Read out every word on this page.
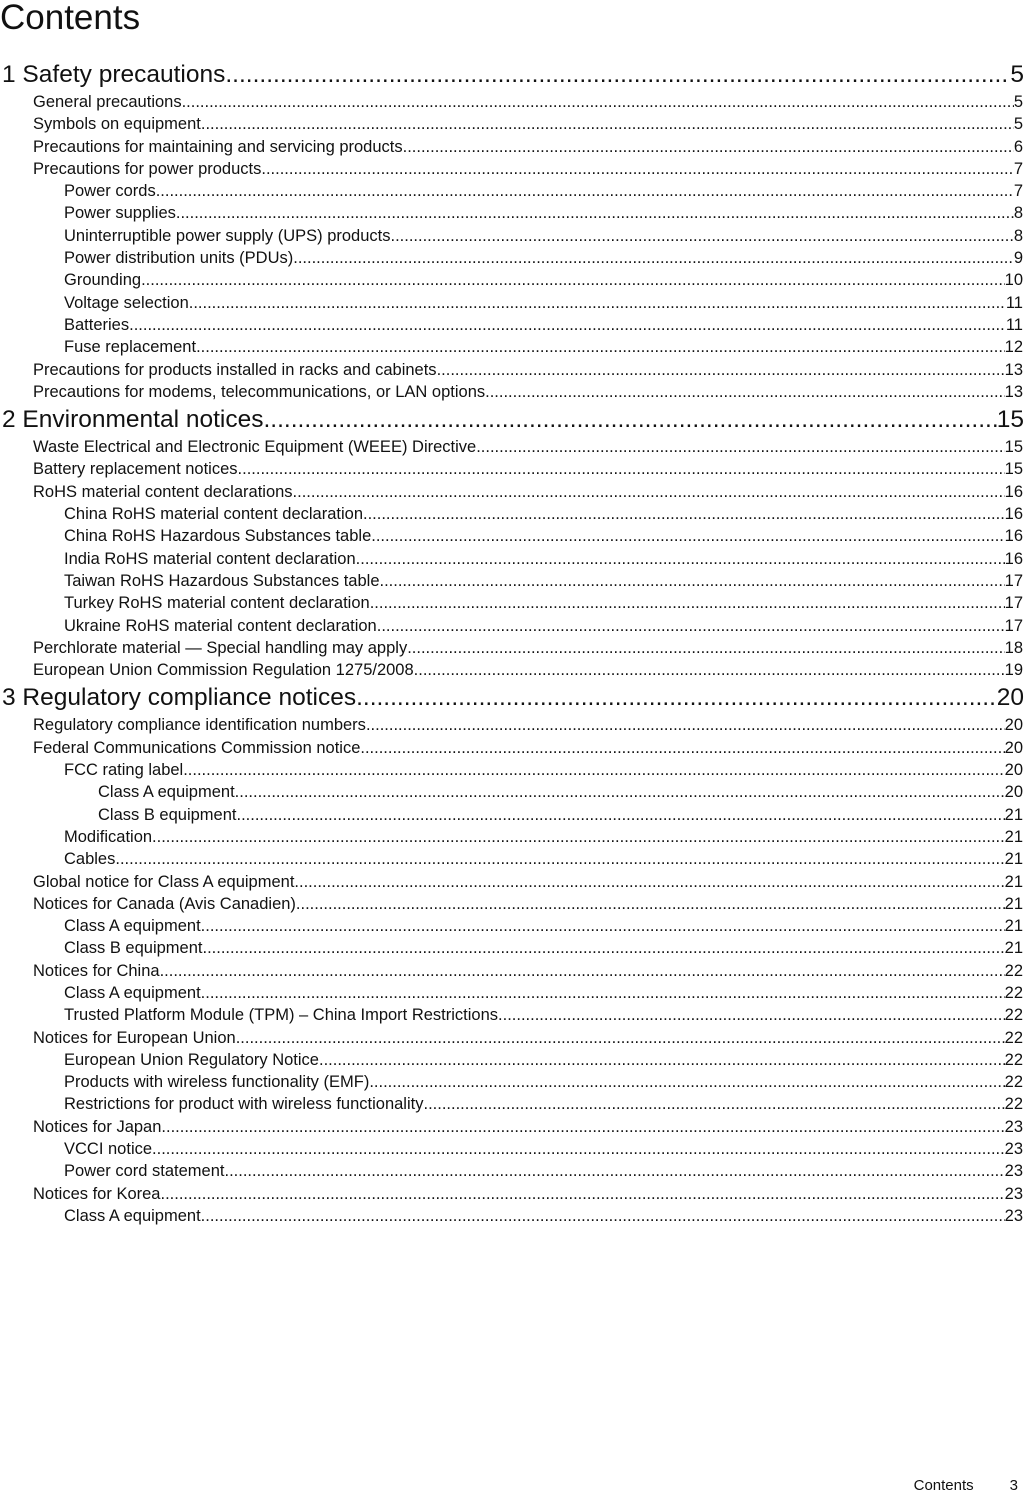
Contents
1 Safety precautions .....	5
General precautions .....	5
Symbols on equipment .....	5
Precautions for maintaining and servicing products .....	6
Precautions for power products .....	7
Power cords .....	7
Power supplies .....	8
Uninterruptible power supply (UPS) products .....	8
Power distribution units (PDUs) .....	9
Grounding .....	10
Voltage selection .....	11
Batteries .....	11
Fuse replacement .....	12
Precautions for products installed in racks and cabinets .....	13
Precautions for modems, telecommunications, or LAN options .....	13
2 Environmental notices .....	15
Waste Electrical and Electronic Equipment (WEEE) Directive .....	15
Battery replacement notices .....	15
RoHS material content declarations .....	16
China RoHS material content declaration .....	16
China RoHS Hazardous Substances table .....	16
India RoHS material content declaration .....	16
Taiwan RoHS Hazardous Substances table .....	17
Turkey RoHS material content declaration .....	17
Ukraine RoHS material content declaration .....	17
Perchlorate material — Special handling may apply .....	18
European Union Commission Regulation 1275/2008 .....	19
3 Regulatory compliance notices .....	20
Regulatory compliance identification numbers .....	20
Federal Communications Commission notice .....	20
FCC rating label .....	20
Class A equipment .....	20
Class B equipment .....	21
Modification .....	21
Cables .....	21
Global notice for Class A equipment .....	21
Notices for Canada (Avis Canadien) .....	21
Class A equipment .....	21
Class B equipment .....	21
Notices for China .....	22
Class A equipment .....	22
Trusted Platform Module (TPM) – China Import Restrictions .....	22
Notices for European Union .....	22
European Union Regulatory Notice .....	22
Products with wireless functionality (EMF) .....	22
Restrictions for product with wireless functionality .....	22
Notices for Japan .....	23
VCCI notice .....	23
Power cord statement .....	23
Notices for Korea .....	23
Class A equipment .....	23
Contents 3
